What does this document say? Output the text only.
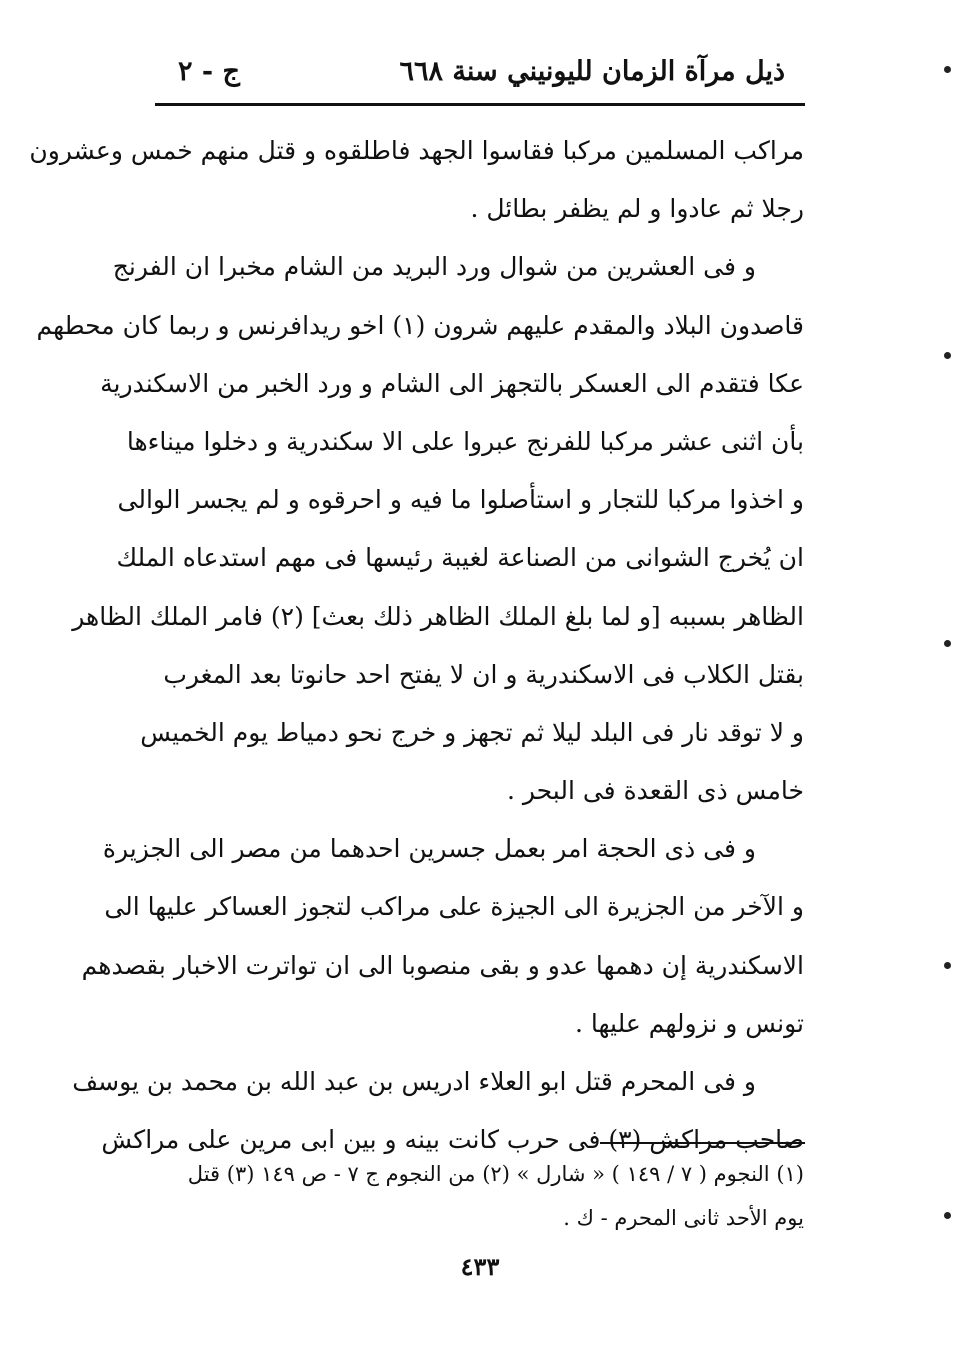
ذيل مرآة الزمان لليونيني سنة ٦٦٨
ج - ٢
مراكب المسلمين مركبا فقاسوا الجهد فاطلقوه و قتل منهم خمس وعشرون
رجلا ثم عادوا و لم يظفر بطائل .
و فى العشرين من شوال ورد البريد من الشام مخبرا ان الفرنج
قاصدون البلاد والمقدم عليهم شرون (١) اخو ريدافرنس و ربما كان محطهم
عكا فتقدم الى العسكر بالتجهز الى الشام و ورد الخبر من الاسكندرية
بأن اثنى عشر مركبا للفرنج عبروا على الا سكندرية و دخلوا ميناءها
و اخذوا مركبا للتجار و استأصلوا ما فيه و احرقوه و لم يجسر الوالى
ان يُخرج الشوانى من الصناعة لغيبة رئيسها فى مهم استدعاه الملك
الظاهر بسببه [و لما بلغ الملك الظاهر ذلك بعث] (٢) فامر الملك الظاهر
بقتل الكلاب فى الاسكندرية و ان لا يفتح احد حانوتا بعد المغرب
و لا توقد نار فى البلد ليلا ثم تجهز و خرج نحو دمياط يوم الخميس
خامس ذى القعدة فى البحر .
و فى ذى الحجة امر بعمل جسرين احدهما من مصر الى الجزيرة
و الآخر من الجزيرة الى الجيزة على مراكب لتجوز العساكر عليها الى
الاسكندرية إن دهمها عدو و بقى منصوبا الى ان تواترت الاخبار بقصدهم
تونس و نزولهم عليها .
و فى المحرم قتل ابو العلاء ادريس بن عبد الله بن محمد بن يوسف
صاحب مراكش (٣) فى حرب كانت بينه و بين ابى مرين على مراكش
(١) النجوم ( ٧ / ١٤٩ ) « شارل » (٢) من النجوم ج ٧ - ص ١٤٩ (٣) قتل
يوم الأحد ثانى المحرم - ك .
٤٣٣
